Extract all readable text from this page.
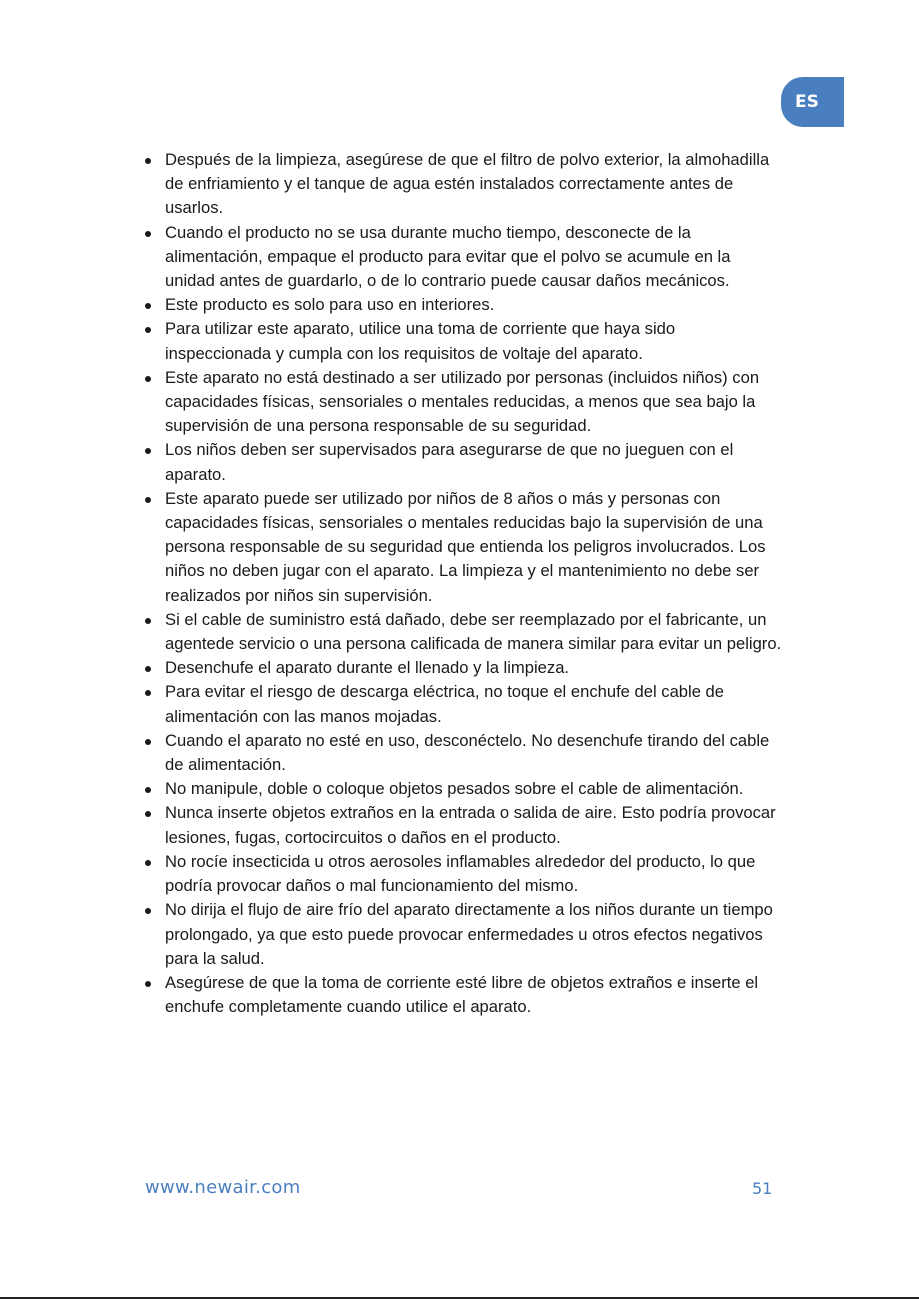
ES
Después de la limpieza, asegúrese de que el filtro de polvo exterior, la almohadilla de enfriamiento y el tanque de agua estén instalados correctamente antes de usarlos.
Cuando el producto no se usa durante mucho tiempo, desconecte de la alimentación, empaque el producto para evitar que el polvo se acumule en la unidad antes de guardarlo, o de lo contrario puede causar daños mecánicos.
Este producto es solo para uso en interiores.
Para utilizar este aparato, utilice una toma de corriente que haya sido inspeccionada y cumpla con los requisitos de voltaje del aparato.
Este aparato no está destinado a ser utilizado por personas (incluidos niños) con capacidades físicas, sensoriales o mentales reducidas, a menos que sea bajo la supervisión de una persona responsable de su seguridad.
Los niños deben ser supervisados para asegurarse de que no jueguen con el aparato.
Este aparato puede ser utilizado por niños de 8 años o más y personas con capacidades físicas, sensoriales o mentales reducidas bajo la supervisión de una persona responsable de su seguridad que entienda los peligros involucrados. Los niños no deben jugar con el aparato. La limpieza y el mantenimiento no debe ser realizados por niños sin supervisión.
Si el cable de suministro está dañado, debe ser reemplazado por el fabricante, un agentede servicio o una persona calificada de manera similar para evitar un peligro.
Desenchufe el aparato durante el llenado y la limpieza.
Para evitar el riesgo de descarga eléctrica, no toque el enchufe del cable de alimentación con las manos mojadas.
Cuando el aparato no esté en uso, desconéctelo. No desenchufe tirando del cable de alimentación.
No manipule, doble o coloque objetos pesados sobre el cable de alimentación.
Nunca inserte objetos extraños en la entrada o salida de aire. Esto podría provocar lesiones, fugas, cortocircuitos o daños en el producto.
No rocíe insecticida u otros aerosoles inflamables alrededor del producto, lo que podría provocar daños o mal funcionamiento del mismo.
No dirija el flujo de aire frío del aparato directamente a los niños durante un tiempo prolongado, ya que esto puede provocar enfermedades u otros efectos negativos para la salud.
Asegúrese de que la toma de corriente esté libre de objetos extraños e inserte el enchufe completamente cuando utilice el aparato.
www.newair.com	51
